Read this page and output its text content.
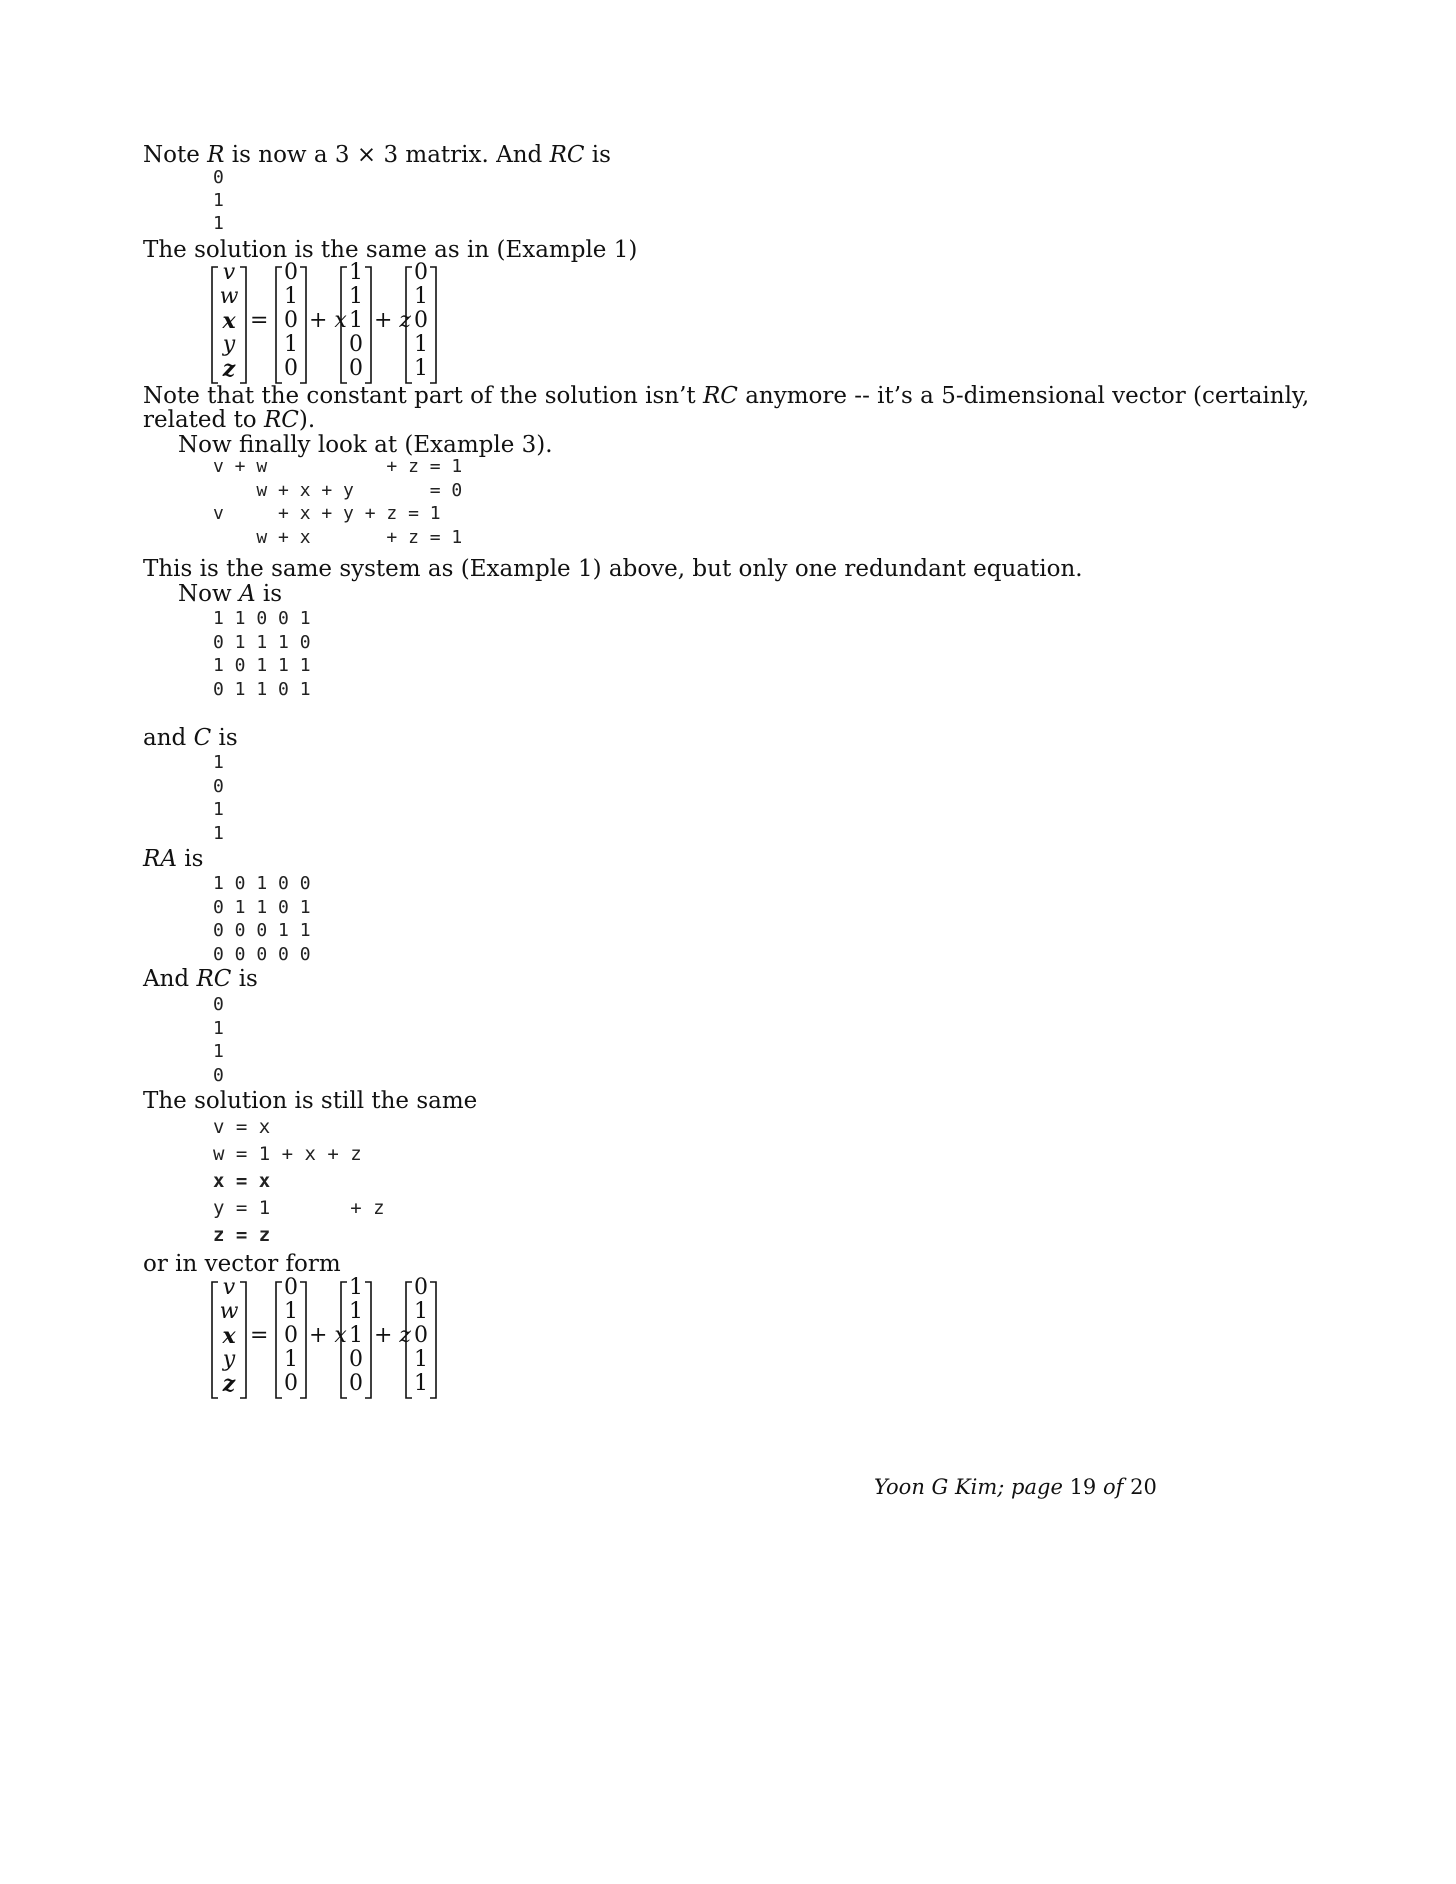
Note R is now a 3 × 3 matrix. And RC is
0
1
1
The solution is the same as in (Example 1)
v
w
x
y
z
=
0
1
0
1
0
+ x
1
1
1
0
0
+ z
0
1
0
1
1
Note that the constant part of the solution isn’t RC anymore -- it’s a 5-dimensional vector (certainly,
related to RC).
Now finally look at (Example 3).
v + w           + z = 1
w + x + y       = 0
v     + x + y + z = 1
w + x       + z = 1
This is the same system as (Example 1) above, but only one redundant equation.
Now A is
1 1 0 0 1
0 1 1 1 0
1 0 1 1 1
0 1 1 0 1
and C is
1
0
1
1
RA is
1 0 1 0 0
0 1 1 0 1
0 0 0 1 1
0 0 0 0 0
And RC is
0
1
1
0
The solution is still the same
v = x
w = 1 + x + z
x = x
y = 1       + z
z = z
or in vector form
v
w
x
y
z
=
0
1
0
1
0
+ x
1
1
1
0
0
+ z
0
1
0
1
1
Yoon G Kim; page 19 of 20
